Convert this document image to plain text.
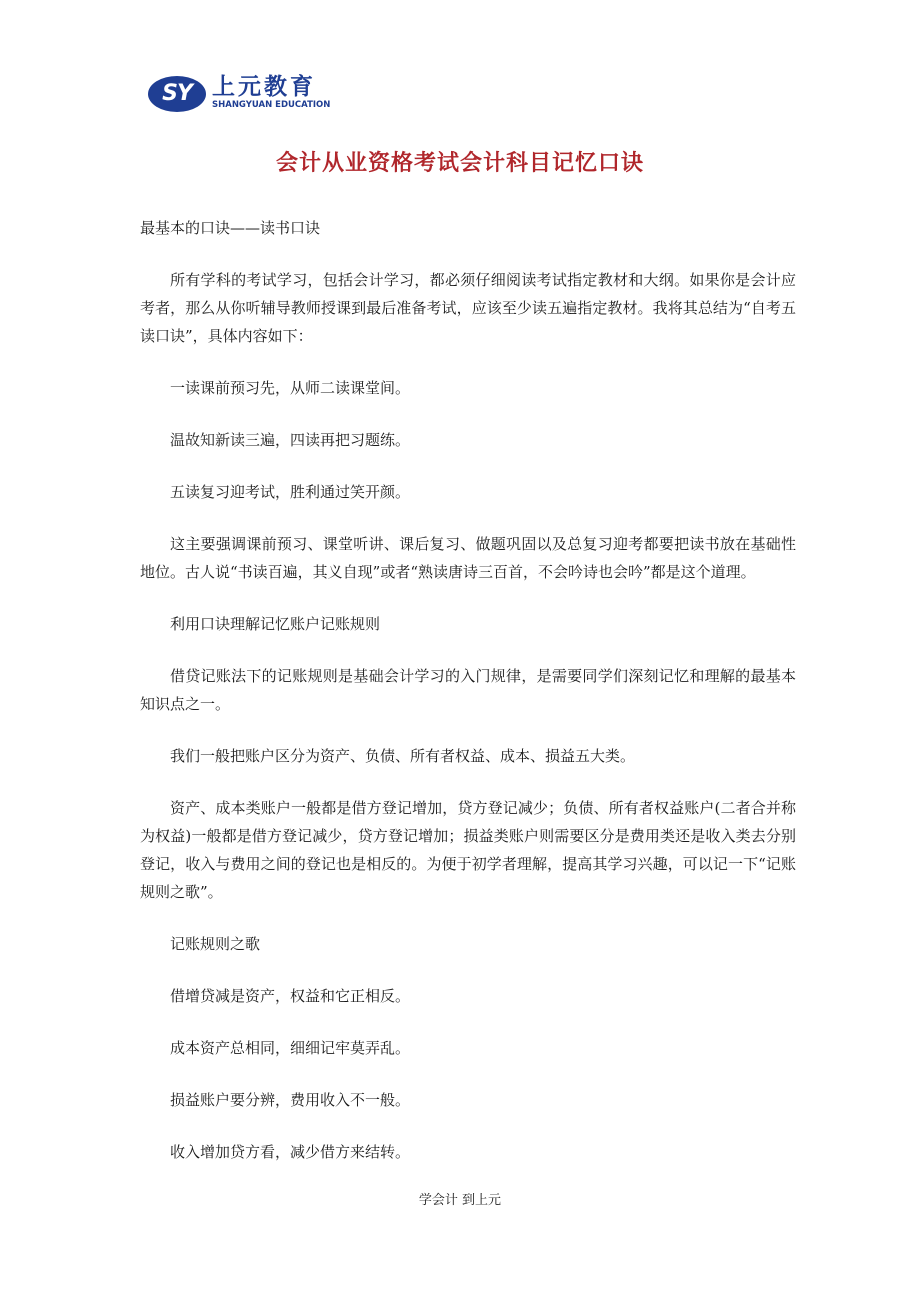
SY 上元教育
SHANGYUAN EDUCATION
会计从业资格考试会计科目记忆口诀

最基本的口诀——读书口诀

所有学科的考试学习，包括会计学习，都必须仔细阅读考试指定教材和大纲。如果你是会计应考者，那么从你听辅导教师授课到最后准备考试，应该至少读五遍指定教材。我将其总结为“自考五读口诀”，具体内容如下：

一读课前预习先，从师二读课堂间。

温故知新读三遍，四读再把习题练。

五读复习迎考试，胜利通过笑开颜。

这主要强调课前预习、课堂听讲、课后复习、做题巩固以及总复习迎考都要把读书放在基础性地位。古人说“书读百遍，其义自现”或者“熟读唐诗三百首，不会吟诗也会吟”都是这个道理。

利用口诀理解记忆账户记账规则

借贷记账法下的记账规则是基础会计学习的入门规律，是需要同学们深刻记忆和理解的最基本知识点之一。

我们一般把账户区分为资产、负债、所有者权益、成本、损益五大类。

资产、成本类账户一般都是借方登记增加，贷方登记减少；负债、所有者权益账户(二者合并称为权益)一般都是借方登记减少，贷方登记增加；损益类账户则需要区分是费用类还是收入类去分别登记，收入与费用之间的登记也是相反的。为便于初学者理解，提高其学习兴趣，可以记一下“记账规则之歌”。

记账规则之歌

借增贷减是资产，权益和它正相反。

成本资产总相同，细细记牢莫弄乱。

损益账户要分辨，费用收入不一般。

收入增加贷方看，减少借方来结转。

学会计 到上元
